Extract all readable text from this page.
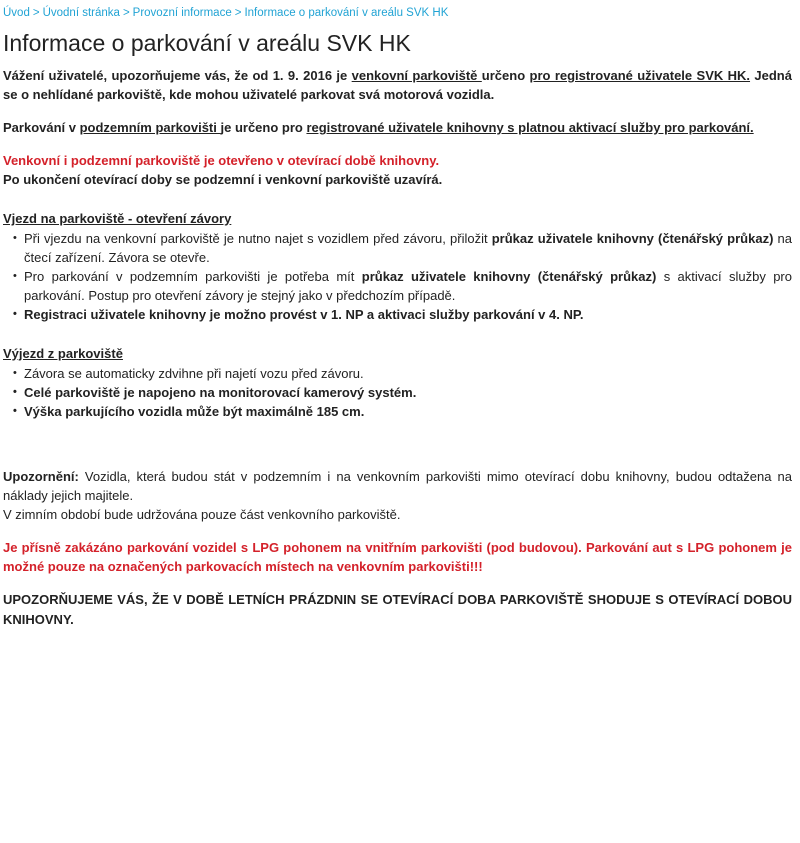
Úvod > Úvodní stránka > Provozní informace > Informace o parkování v areálu SVK HK
Informace o parkování v areálu SVK HK

Vážení uživatelé, upozorňujeme vás, že od 1. 9. 2016 je venkovní parkoviště určeno pro registrované uživatele SVK HK. Jedná se o nehlídané parkoviště, kde mohou uživatelé parkovat svá motorová vozidla.

Parkování v podzemním parkovišti je určeno pro registrované uživatele knihovny s platnou aktivací služby pro parkování.

Venkovní i podzemní parkoviště je otevřeno v otevírací době knihovny.

Po ukončení otevírací doby se podzemní i venkovní parkoviště uzavírá.

Vjezd na parkoviště - otevření závory

• Při vjezdu na venkovní parkoviště je nutno najet s vozidlem před závoru, přiložit průkaz uživatele knihovny (čtenářský průkaz) na čtecí zařízení. Závora se otevře.
• Pro parkování v podzemním parkovišti je potřeba mít průkaz uživatele knihovny (čtenářský průkaz) s aktivací služby pro parkování. Postup pro otevření závory je stejný jako v předchozím případě.
• Registraci uživatele knihovny je možno provést v 1. NP a aktivaci služby parkování v 4. NP.

Výjezd z parkoviště

• Závora se automaticky zdvihne při najetí vozu před závoru.
• Celé parkoviště je napojeno na monitorovací kamerový systém.
• Výška parkujícího vozidla může být maximálně 185 cm.

Upozornění: Vozidla, která budou stát v podzemním i na venkovním parkovišti mimo otevírací dobu knihovny, budou odtažena na náklady jejich majitele.

V zimním období bude udržována pouze část venkovního parkoviště.

Je přísně zakázáno parkování vozidel s LPG pohonem na vnitřním parkovišti (pod budovou). Parkování aut s LPG pohonem je možné pouze na označených parkovacích místech na venkovním parkovišti!!!

UPOZORŇUJEME VÁS, ŽE V DOBĚ LETNÍCH PRÁZDNIN SE OTEVÍRACÍ DOBA PARKOVIŠTĚ SHODUJE S OTEVÍRACÍ DOBOU KNIHOVNY.
